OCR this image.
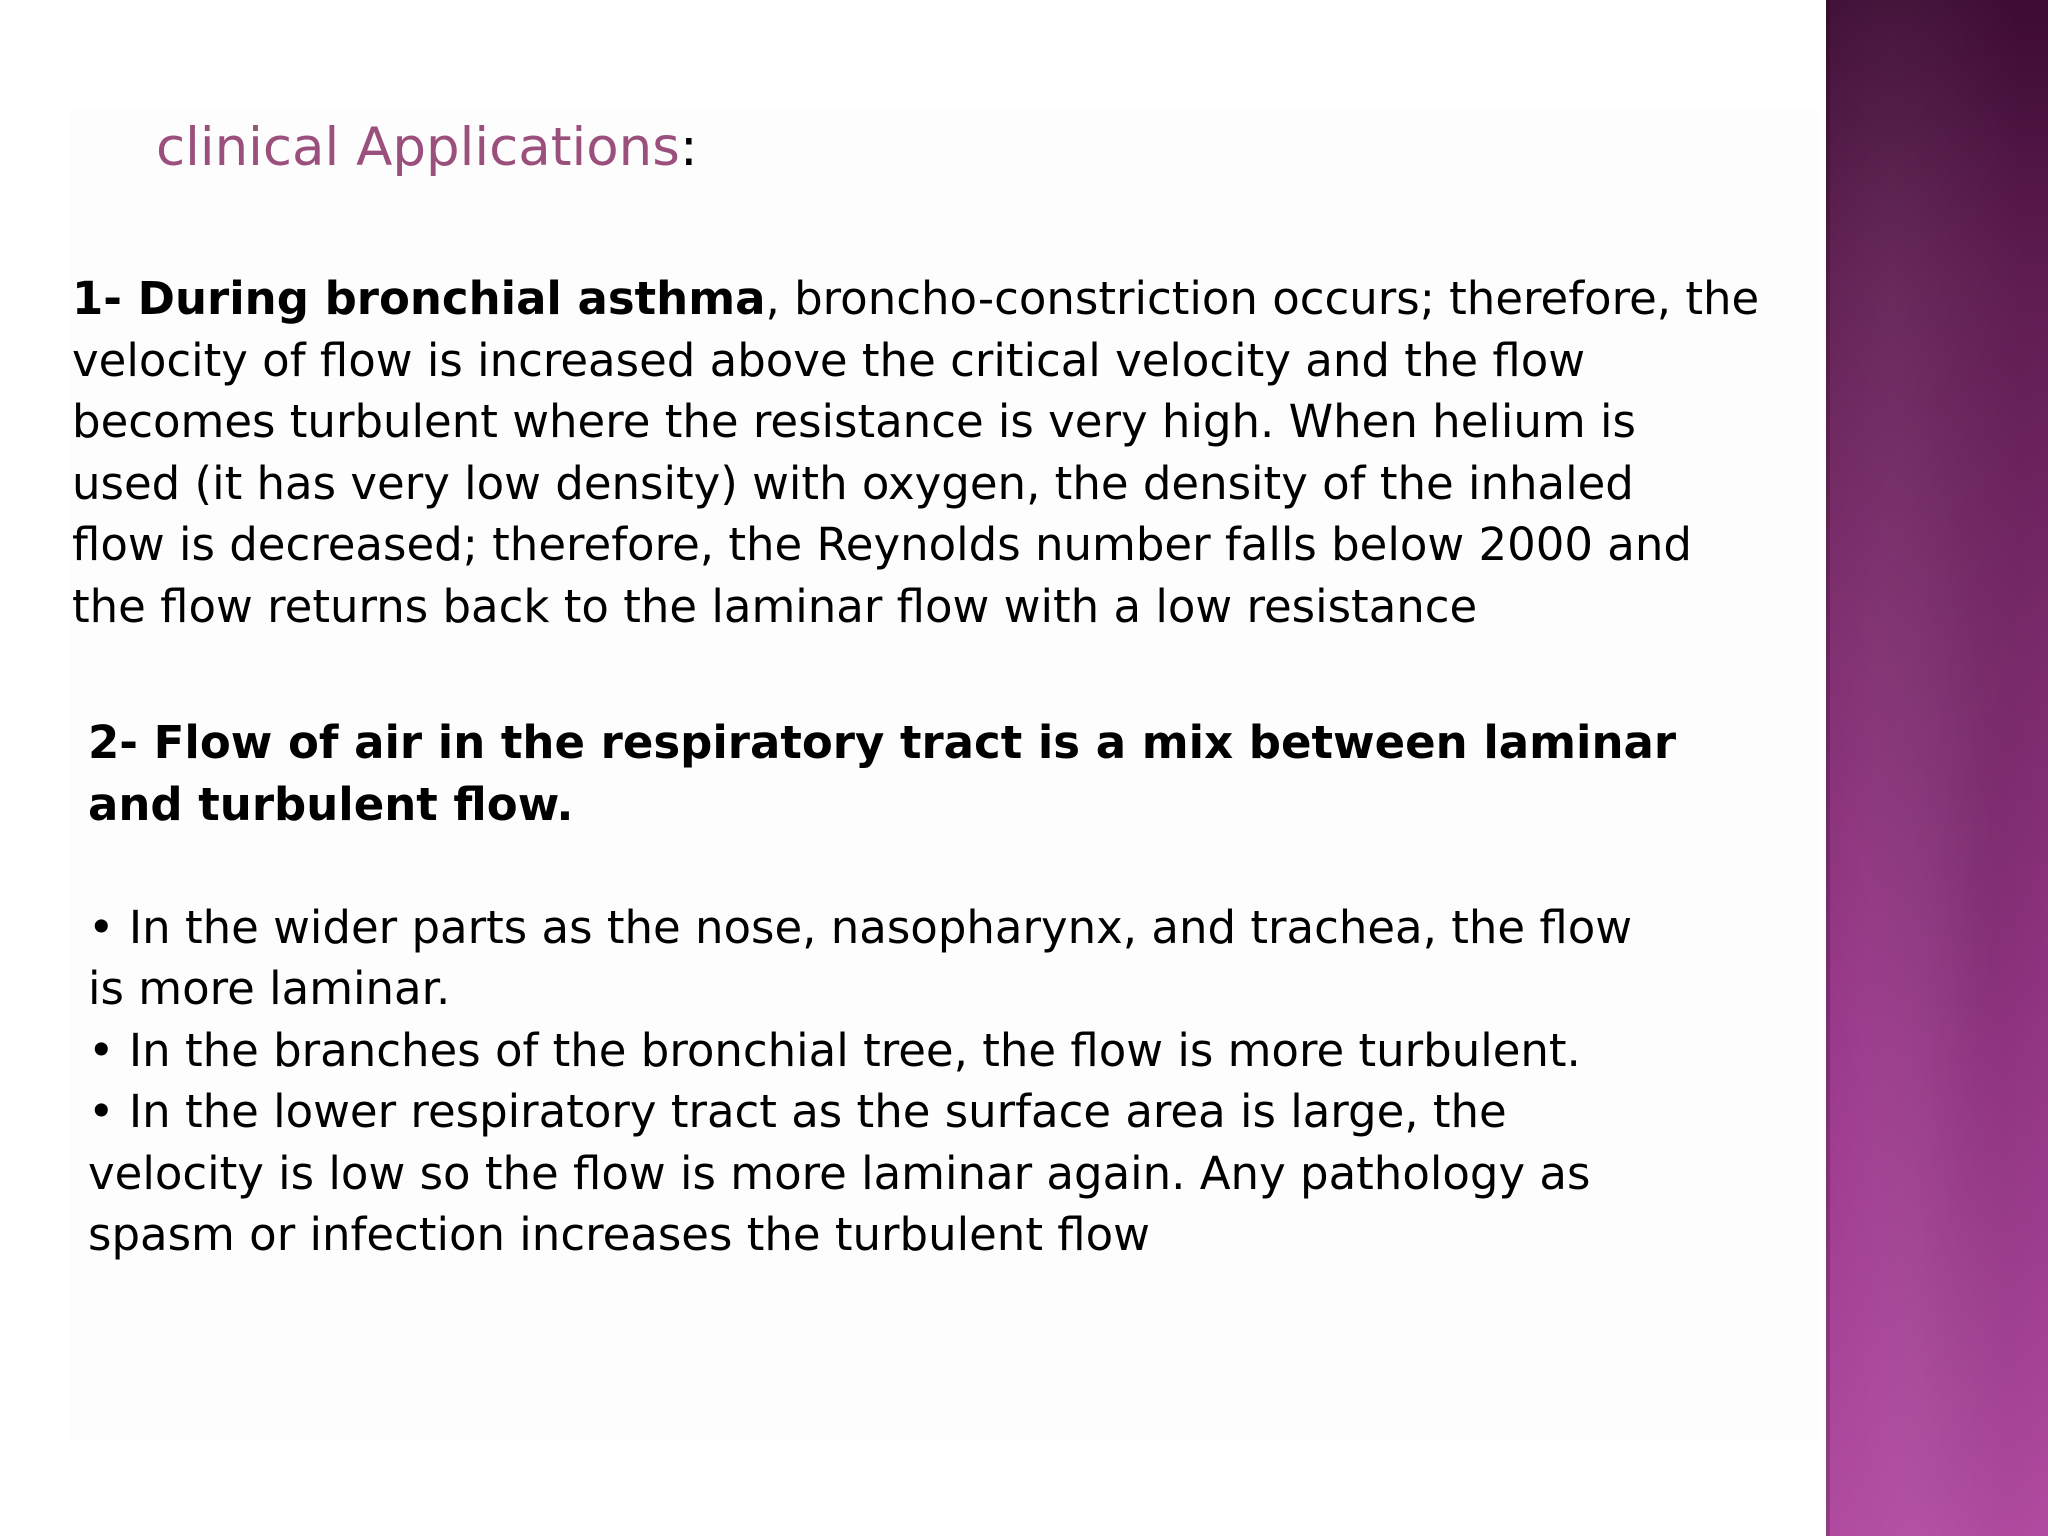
clinical Applications:
1- During bronchial asthma, broncho-constriction occurs; therefore, the
velocity of flow is increased above the critical velocity and the flow
becomes turbulent where the resistance is very high. When helium is
used (it has very low density) with oxygen, the density of the inhaled
flow is decreased; therefore, the Reynolds number falls below 2000 and
the flow returns back to the laminar flow with a low resistance
2- Flow of air in the respiratory tract is a mix between laminar
and turbulent flow.
• In the wider parts as the nose, nasopharynx, and trachea, the flow
is more laminar.
• In the branches of the bronchial tree, the flow is more turbulent.
• In the lower respiratory tract as the surface area is large, the
velocity is low so the flow is more laminar again. Any pathology as
spasm or infection increases the turbulent flow
